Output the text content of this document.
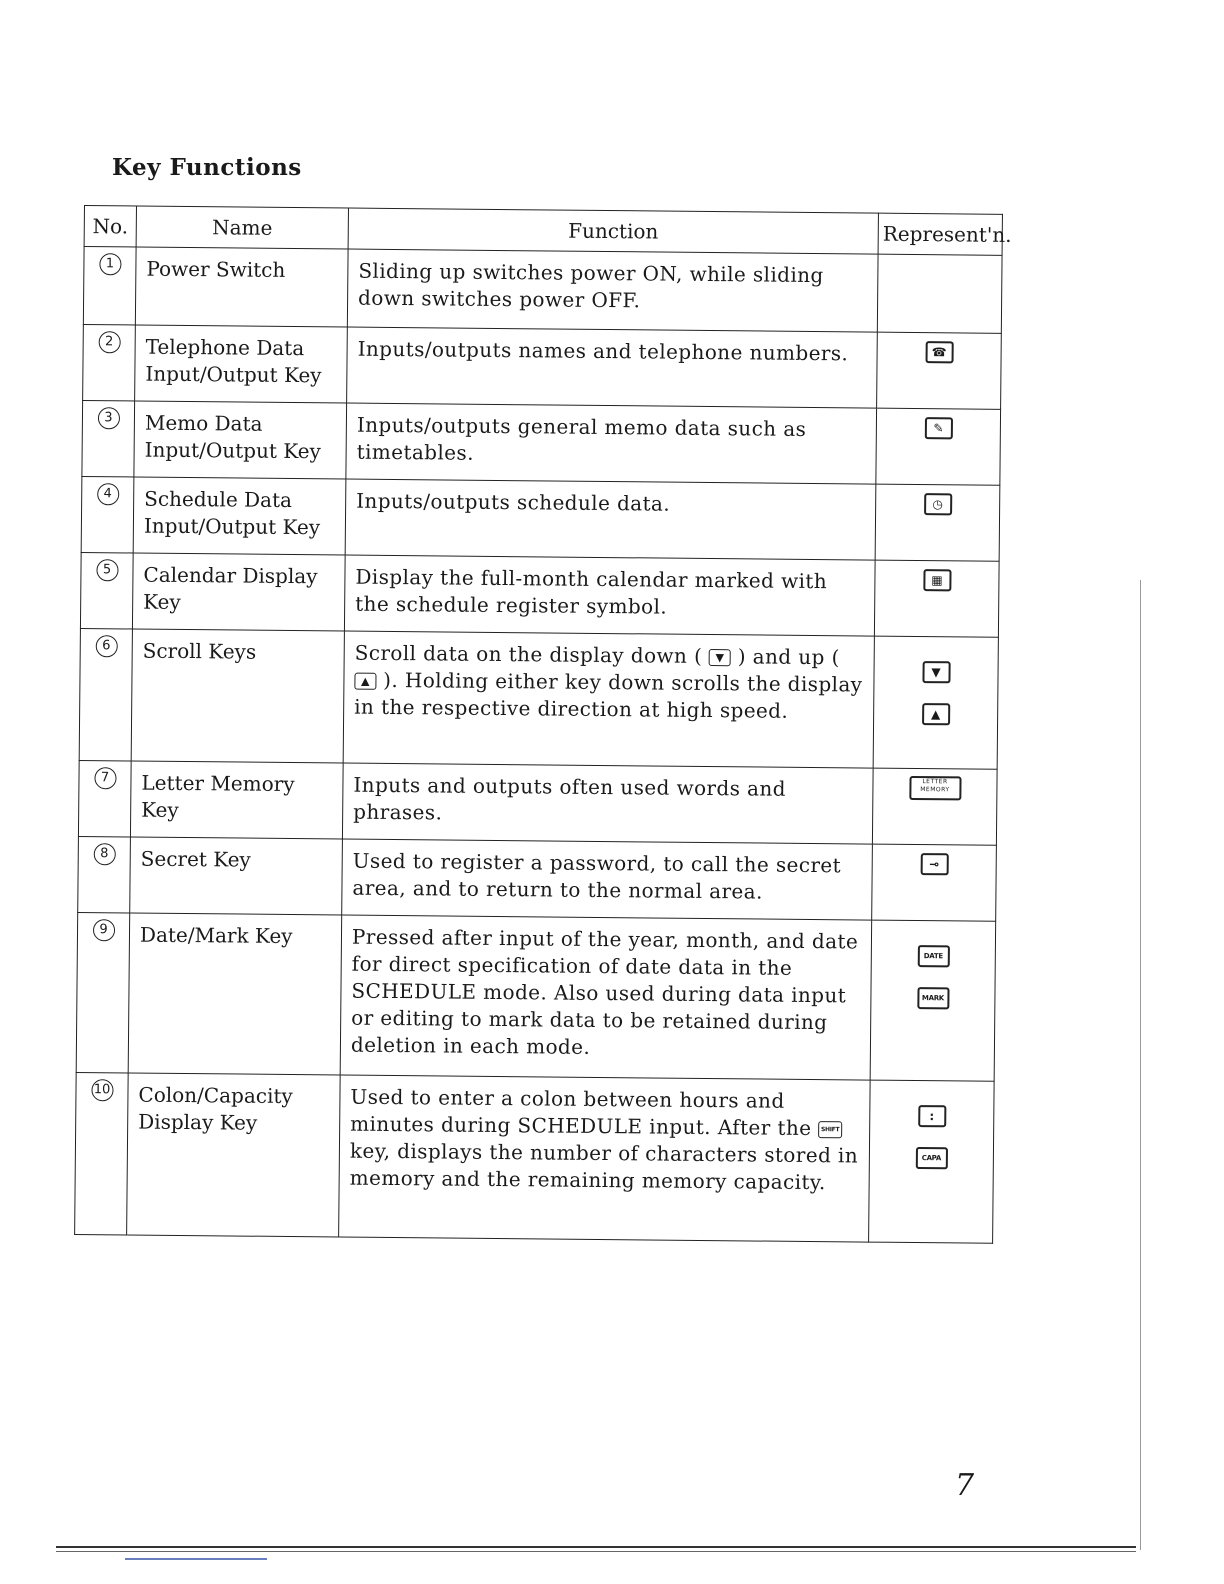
Key Functions
No.	Name	Function	Represent'n.
1	Power Switch	Sliding up switches power ON, while sliding down switches power OFF.	
2	Telephone Data Input/Output Key	Inputs/outputs names and telephone numbers.	☎
3	Memo Data Input/Output Key	Inputs/outputs general memo data such as timetables.	✎
4	Schedule Data Input/Output Key	Inputs/outputs schedule data.	◷
5	Calendar Display Key	Display the full-month calendar marked with the schedule register symbol.	▦
6	Scroll Keys	Scroll data on the display down ( ▼ ) and up ( ▲ ). Holding either key down scrolls the display in the respective direction at high speed.	▼
▲

7	Letter Memory Key	Inputs and outputs often used words and phrases.	LETTER MEMORY
8	Secret Key	Used to register a password, to call the secret area, and to return to the normal area.	⊸
9	Date/Mark Key	Pressed after input of the year, month, and date for direct specification of date data in the SCHEDULE mode. Also used during data input or editing to mark data to be retained during deletion in each mode.	DATE
MARK

10	Colon/Capacity Display Key	Used to enter a colon between hours and minutes during SCHEDULE input. After the SHIFT key, displays the number of characters stored in memory and the remaining memory capacity.	:
CAPA
7
